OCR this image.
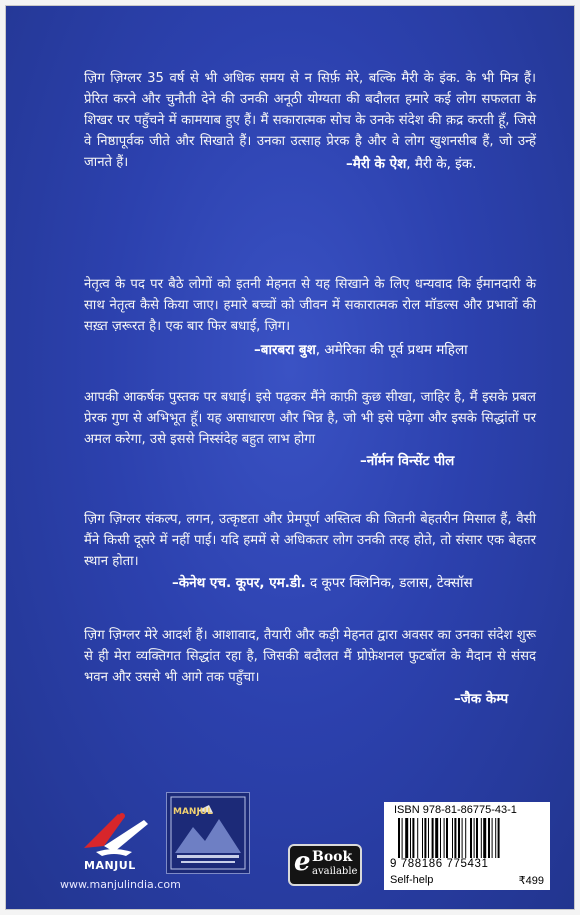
ज़िग ज़िग्लर 35 वर्ष से भी अधिक समय से न सिर्फ़ मेरे, बल्कि मैरी के इंक. के भी मित्र हैं। प्रेरित करने और चुनौती देने की उनकी अनूठी योग्यता की बदौलत हमारे कई लोग सफलता के शिखर पर पहुँचने में कामयाब हुए हैं। मैं सकारात्मक सोच के उनके संदेश की क़द्र करती हूँ, जिसे वे निष्ठापूर्वक जीते और सिखाते हैं। उनका उत्साह प्रेरक है और वे लोग खुशनसीब हैं, जो उन्हें जानते हैं।	–मैरी के ऐश, मैरी के, इंक.
नेतृत्व के पद पर बैठे लोगों को इतनी मेहनत से यह सिखाने के लिए धन्यवाद कि ईमानदारी के साथ नेतृत्व कैसे किया जाए। हमारे बच्चों को जीवन में सकारात्मक रोल मॉडल्स और प्रभावों की सख़्त ज़रूरत है। एक बार फिर बधाई, ज़िग।
–बारबरा बुश, अमेरिका की पूर्व प्रथम महिला
आपकी आकर्षक पुस्तक पर बधाई। इसे पढ़कर मैंने काफ़ी कुछ सीखा, जाहिर है, मैं इसके प्रबल प्रेरक गुण से अभिभूत हूँ। यह असाधारण और भिन्न है, जो भी इसे पढ़ेगा और इसके सिद्धांतों पर अमल करेगा, उसे इससे निस्संदेह बहुत लाभ होगा
–नॉर्मन विन्सेंट पील
ज़िग ज़िग्लर संकल्प, लगन, उत्कृष्टता और प्रेमपूर्ण अस्तित्व की जितनी बेहतरीन मिसाल हैं, वैसी मैंने किसी दूसरे में नहीं पाई। यदि हममें से अधिकतर लोग उनकी तरह होते, तो संसार एक बेहतर स्थान होता।
–केनेथ एच. कूपर, एम.डी. द कूपर क्लिनिक, डलास, टेक्सॉस
ज़िग ज़िग्लर मेरे आदर्श हैं। आशावाद, तैयारी और कड़ी मेहनत द्वारा अवसर का उनका संदेश शुरू से ही मेरा व्यक्तिगत सिद्धांत रहा है, जिसकी बदौलत मैं प्रोफ़ेशनल फुटबॉल के मैदान से संसद भवन और उससे भी आगे तक पहुँचा।
–जैक केम्प
MANJUL
www.manjulindia.com
MANJUL
e Book
available
ISBN 978-81-86775-43-1
9 788186 775431
Self-help	₹499
